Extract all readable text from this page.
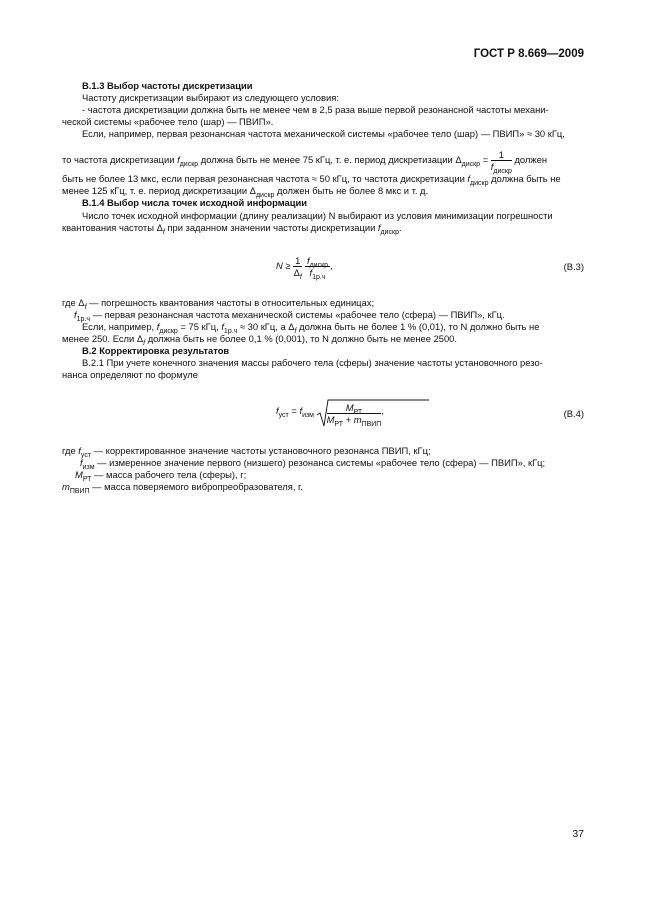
ГОСТ Р 8.669—2009
В.1.3 Выбор частоты дискретизации
Частоту дискретизации выбирают из следующего условия:
- частота дискретизации должна быть не менее чем в 2,5 раза выше первой резонансной частоты механи-
ческой системы «рабочее тело (шар) — ПВИП».
Если, например, первая резонансная частота механической системы «рабочее тело (шар) — ПВИП» ≈ 30 кГц,
то частота дискретизации $f_{дискр}$ должна быть не менее 75 кГц, т. е. период дискретизации $\Delta_{дискр} = \frac{1}{f_{дискр}}$ должен
быть не более 13 мкс, если первая резонансная частота ≈ 50 кГц, то частота дискретизации $f_{дискр}$ должна быть не
менее 125 кГц, т. е. период дискретизации $\Delta_{дискр}$ должен быть не более 8 мкс и т. д.
В.1.4 Выбор числа точек исходной информации
Число точек исходной информации (длину реализации) N выбирают из условия минимизации погрешности
квантования частоты $\Delta_f$ при заданном значении частоты дискретизации $f_{дискр}$.
$N \ge \frac{1}{\Delta_f}$
$\frac{f_{дискр}}{f_{1р.ч}}$ ,	(В.3)
где $\Delta_f$ — погрешность квантования частоты в относительных единицах;
$f_{1р.ч}$ — первая резонансная частота механической системы «рабочее тело (сфера) — ПВИП», кГц.
Если, например, $f_{дискр} = 75$ кГц, $f_{1р.ч} \approx 30$ кГц, а $\Delta_f$ должна быть не более 1 % (0,01), то N должно быть не
менее 250. Если $\Delta_f$ должна быть не более 0,1 % (0,001), то N должно быть не менее 2500.
В.2 Корректировка результатов
В.2.1 При учете конечного значения массы рабочего тела (сферы) значение частоты установочного резо-
нанса определяют по формуле
$f_{уст} = f_{изм} \frac{M_{РТ}}{M_{РТ} + m_{ПВИП}}$ ,	(В.4)
где $f_{уст}$ — корректированное значение частоты установочного резонанса ПВИП, кГц;
$f_{изм}$ — измеренное значение первого (низшего) резонанса системы «рабочее тело (сфера) — ПВИП», кГц;
$M_{РТ}$ — масса рабочего тела (сферы), г;
$m_{ПВИП}$ — масса поверяемого вибропреобразователя, г.
37
